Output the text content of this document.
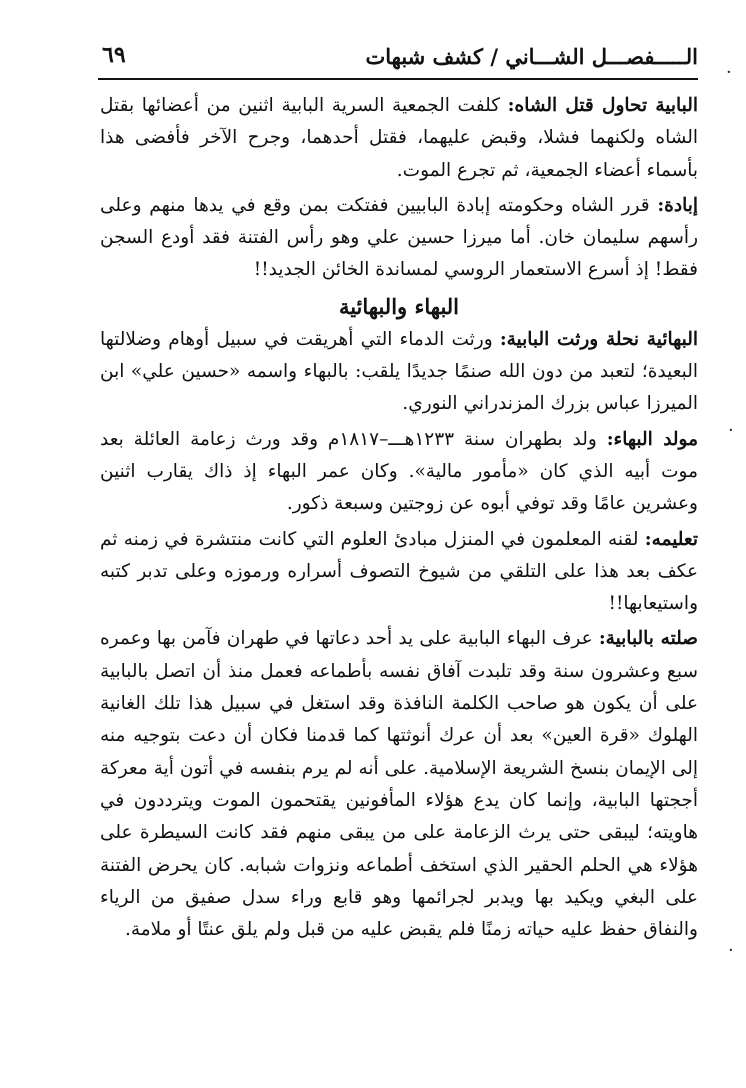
الـــــفصـــل الشـــاني / كشف شبهات
٦٩

البابية تحاول قتل الشاه: كلفت الجمعية السرية البابية اثنين من أعضائها بقتل الشاه ولكنهما فشلا، وقبض عليهما، فقتل أحدهما، وجرح الآخر فأفضى هذا بأسماء أعضاء الجمعية، ثم تجرع الموت.

إبادة: قرر الشاه وحكومته إبادة البابيين ففتكت بمن وقع في يدها منهم وعلى رأسهم سليمان خان. أما ميرزا حسين علي وهو رأس الفتنة فقد أودع السجن فقط! إذ أسرع الاستعمار الروسي لمساندة الخائن الجديد!!

البهاء والبهائية

البهائية نحلة ورثت البابية: ورثت الدماء التي أهريقت في سبيل أوهام وضلالتها البعيدة؛ لتعبد من دون الله صنمًا جديدًا يلقب: بالبهاء واسمه «حسين علي» ابن الميرزا عباس بزرك المزندراني النوري.

مولد البهاء: ولد بطهران سنة ١٢٣٣هـــ–١٨١٧م وقد ورث زعامة العائلة بعد موت أبيه الذي كان «مأمور مالية». وكان عمر البهاء إذ ذاك يقارب اثنين وعشرين عامًا وقد توفي أبوه عن زوجتين وسبعة ذكور.

تعليمه: لقنه المعلمون في المنزل مبادئ العلوم التي كانت منتشرة في زمنه ثم عكف بعد هذا على التلقي من شيوخ التصوف أسراره ورموزه وعلى تدبر كتبه واستيعابها!!

صلته بالبابية: عرف البهاء البابية على يد أحد دعاتها في طهران فآمن بها وعمره سبع وعشرون سنة وقد تلبدت آفاق نفسه بأطماعه فعمل منذ أن اتصل بالبابية على أن يكون هو صاحب الكلمة النافذة وقد استغل في سبيل هذا تلك الغانية الهلوك «قرة العين» بعد أن عرك أنوثتها كما قدمنا فكان أن دعت بتوجيه منه إلى الإيمان بنسخ الشريعة الإسلامية. على أنه لم يرم بنفسه في أتون أية معركة أججتها البابية، وإنما كان يدع هؤلاء المأفونين يقتحمون الموت ويترددون في هاويته؛ ليبقى حتى يرث الزعامة على من يبقى منهم فقد كانت السيطرة على هؤلاء هي الحلم الحقير الذي استخف أطماعه ونزوات شبابه. كان يحرض الفتنة على البغي ويكيد بها ويدبر لجرائمها وهو قابع وراء سدل صفيق من الرياء والنفاق حفظ عليه حياته زمنًا فلم يقبض عليه من قبل ولم يلق عنتًا أو ملامة.

·
·
·
